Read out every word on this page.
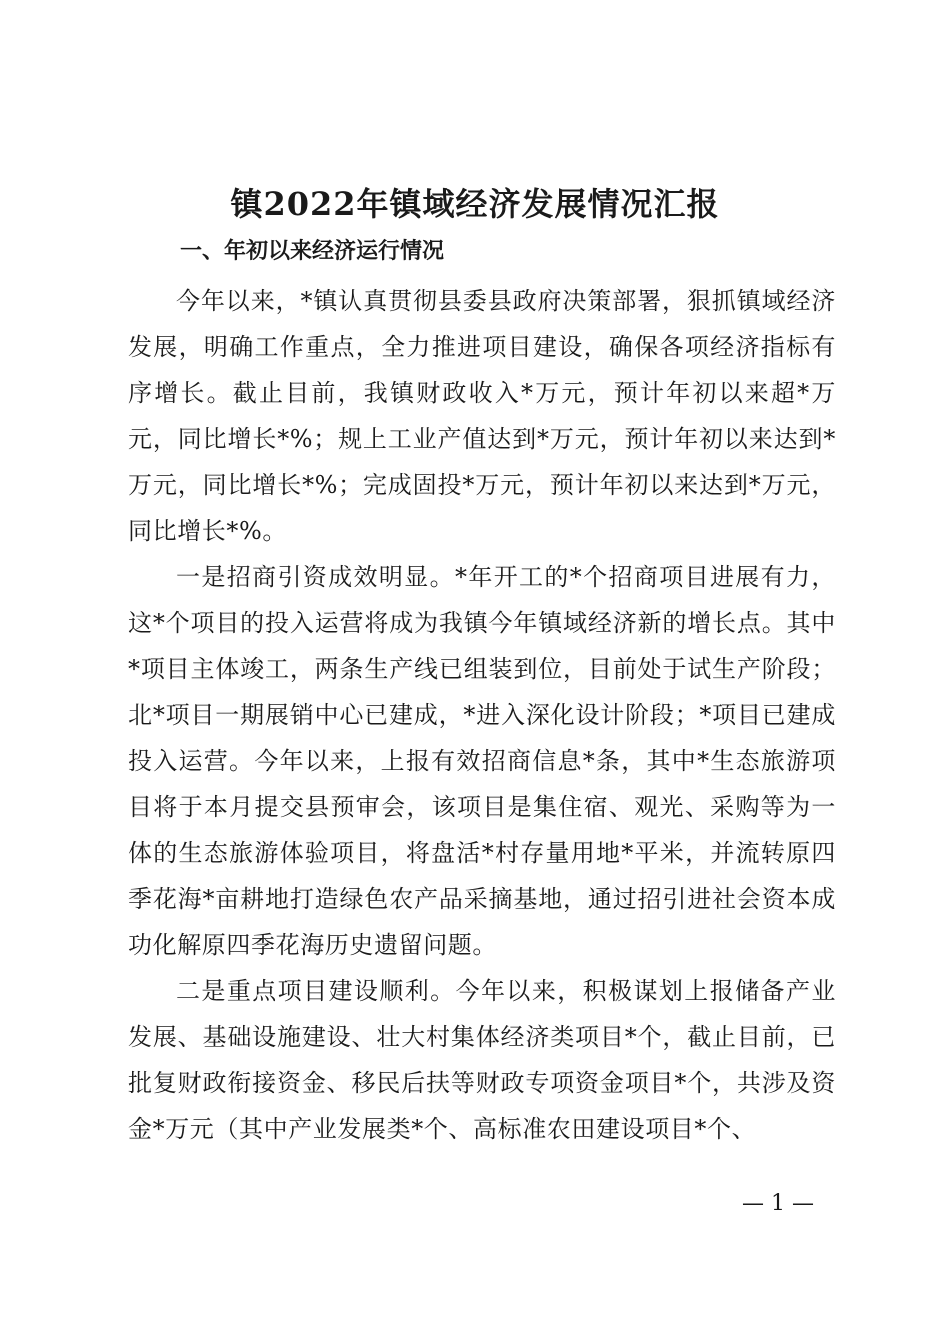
镇2022年镇域经济发展情况汇报
一、年初以来经济运行情况

今年以来，*镇认真贯彻县委县政府决策部署，狠抓镇域经济发展，明确工作重点，全力推进项目建设，确保各项经济指标有序增长。截止目前，我镇财政收入*万元，预计年初以来超*万元，同比增长*%；规上工业产值达到*万元，预计年初以来达到*万元，同比增长*%；完成固投*万元，预计年初以来达到*万元，同比增长*%。

一是招商引资成效明显。*年开工的*个招商项目进展有力，这*个项目的投入运营将成为我镇今年镇域经济新的增长点。其中*项目主体竣工，两条生产线已组装到位，目前处于试生产阶段；北*项目一期展销中心已建成，*进入深化设计阶段；*项目已建成投入运营。今年以来，上报有效招商信息*条，其中*生态旅游项目将于本月提交县预审会，该项目是集住宿、观光、采购等为一体的生态旅游体验项目，将盘活*村存量用地*平米，并流转原四季花海*亩耕地打造绿色农产品采摘基地，通过招引进社会资本成功化解原四季花海历史遗留问题。

二是重点项目建设顺利。今年以来，积极谋划上报储备产业发展、基础设施建设、壮大村集体经济类项目*个，截止目前，已批复财政衔接资金、移民后扶等财政专项资金项目*个，共涉及资金*万元（其中产业发展类*个、高标准农田建设项目*个、

— 1 —
